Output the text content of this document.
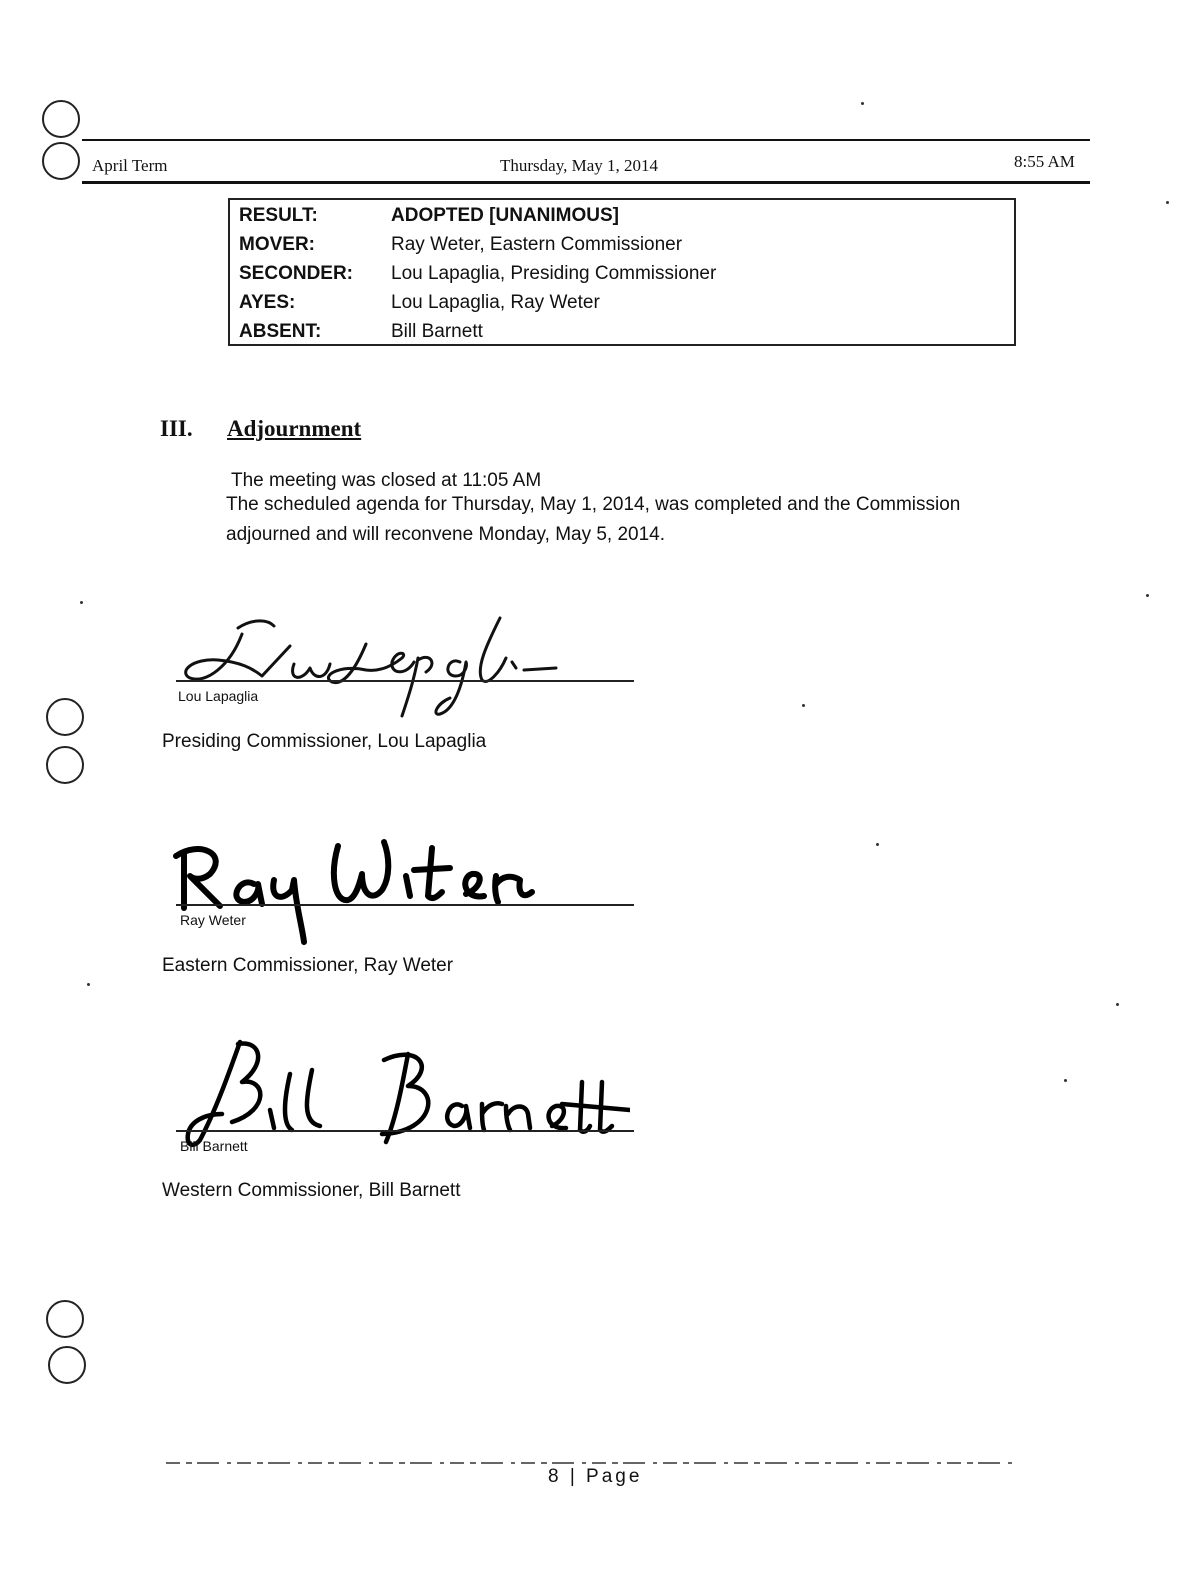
April Term	Thursday, May 1, 2014	8:55 AM
RESULT:	ADOPTED [UNANIMOUS]
MOVER:	Ray Weter, Eastern Commissioner
SECONDER: Lou Lapaglia, Presiding Commissioner
AYES:	Lou Lapaglia, Ray Weter
ABSENT:	Bill Barnett
III. Adjournment
The meeting was closed at 11:05 AM
The scheduled agenda for Thursday, May 1, 2014, was completed and the Commission
adjourned and will reconvene Monday, May 5, 2014.
Lou Lapaglia
Presiding Commissioner, Lou Lapaglia
Ray Weter
Eastern Commissioner, Ray Weter
Bill Barnett
Western Commissioner, Bill Barnett
8 | Page
